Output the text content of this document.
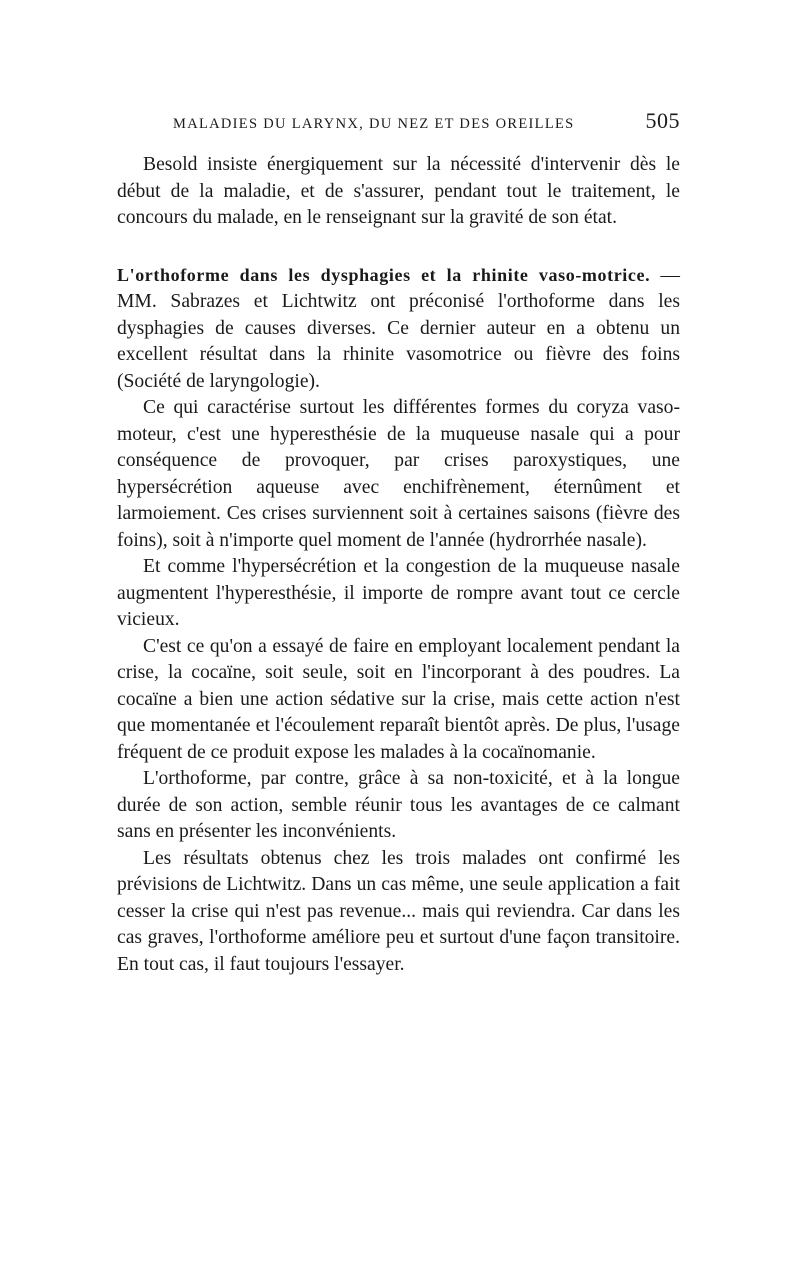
MALADIES DU LARYNX, DU NEZ ET DES OREILLES	505

Besold insiste énergiquement sur la nécessité d'intervenir dès le début de la maladie, et de s'assurer, pendant tout le traitement, le concours du malade, en le renseignant sur la gravité de son état.

L'orthoforme dans les dysphagies et la rhinite vaso-motrice. — MM. Sabrazes et Lichtwitz ont préconisé l'orthoforme dans les dysphagies de causes diverses. Ce dernier auteur en a obtenu un excellent résultat dans la rhinite vasomotrice ou fièvre des foins (Société de laryngologie).

Ce qui caractérise surtout les différentes formes du coryza vaso-moteur, c'est une hyperesthésie de la muqueuse nasale qui a pour conséquence de provoquer, par crises paroxystiques, une hypersécrétion aqueuse avec enchifrènement, éternûment et larmoiement. Ces crises surviennent soit à certaines saisons (fièvre des foins), soit à n'importe quel moment de l'année (hydrorrhée nasale).

Et comme l'hypersécrétion et la congestion de la muqueuse nasale augmentent l'hyperesthésie, il importe de rompre avant tout ce cercle vicieux.

C'est ce qu'on a essayé de faire en employant localement pendant la crise, la cocaïne, soit seule, soit en l'incorporant à des poudres. La cocaïne a bien une action sédative sur la crise, mais cette action n'est que momentanée et l'écoulement reparaît bientôt après. De plus, l'usage fréquent de ce produit expose les malades à la cocaïnomanie.

L'orthoforme, par contre, grâce à sa non-toxicité, et à la longue durée de son action, semble réunir tous les avantages de ce calmant sans en présenter les inconvénients.

Les résultats obtenus chez les trois malades ont confirmé les prévisions de Lichtwitz. Dans un cas même, une seule application a fait cesser la crise qui n'est pas revenue... mais qui reviendra. Car dans les cas graves, l'orthoforme améliore peu et surtout d'une façon transitoire. En tout cas, il faut toujours l'essayer.
